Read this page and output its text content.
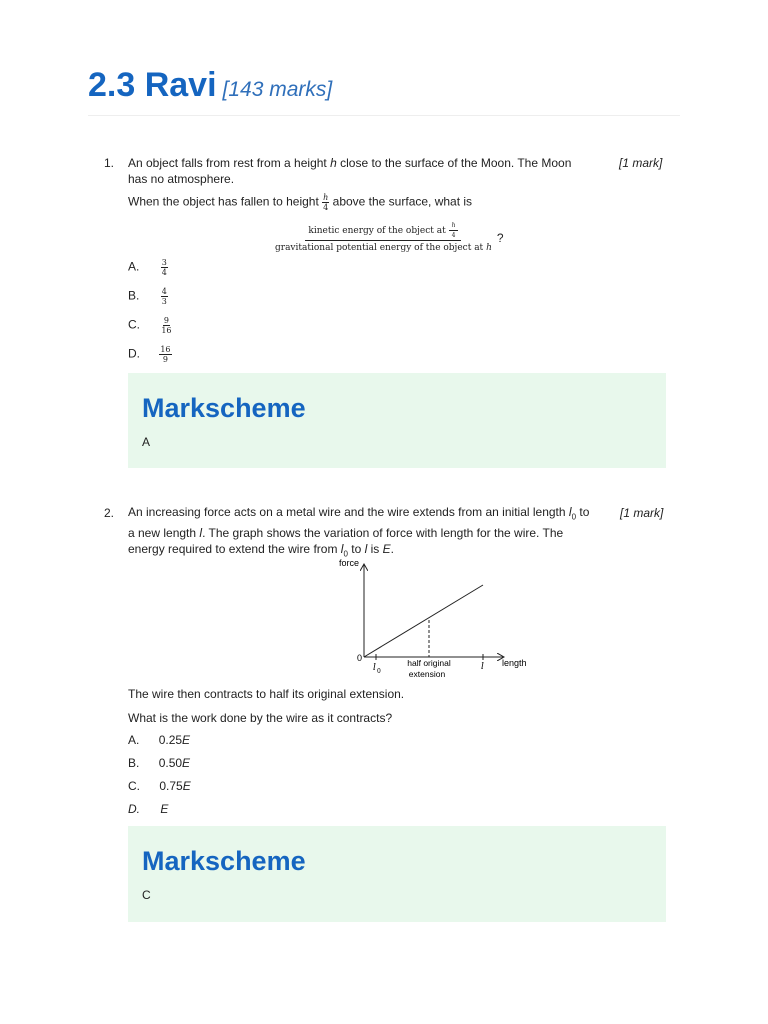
2.3 Ravi [143 marks]
1. An object falls from rest from a height h close to the surface of the Moon. The Moon
has no atmosphere.
[1 mark]
When the object has fallen to height $\frac{h}{4}$ above the surface, what is
kinetic energy of the object at $\frac{h}{4}$
gravitational potential energy of the object at h
?
A.	$\frac{3}{4}$
B.	$\frac{4}{3}$
C.	$\frac{9}{16}$
D. $\frac{16}{9}$
Markscheme
A
2. An increasing force acts on a metal wire and the wire extends from an initial length $l_0$ to
a new length l. The graph shows the variation of force with length for the wire. The
energy required to extend the wire from $l_0$ to l is E.
[1 mark]
force
0
l 0
half original
extension
l length
The wire then contracts to half its original extension.
What is the work done by the wire as it contracts?
A. 0.25E
B. 0.50E
C. 0.75E
D. E
Markscheme
C
